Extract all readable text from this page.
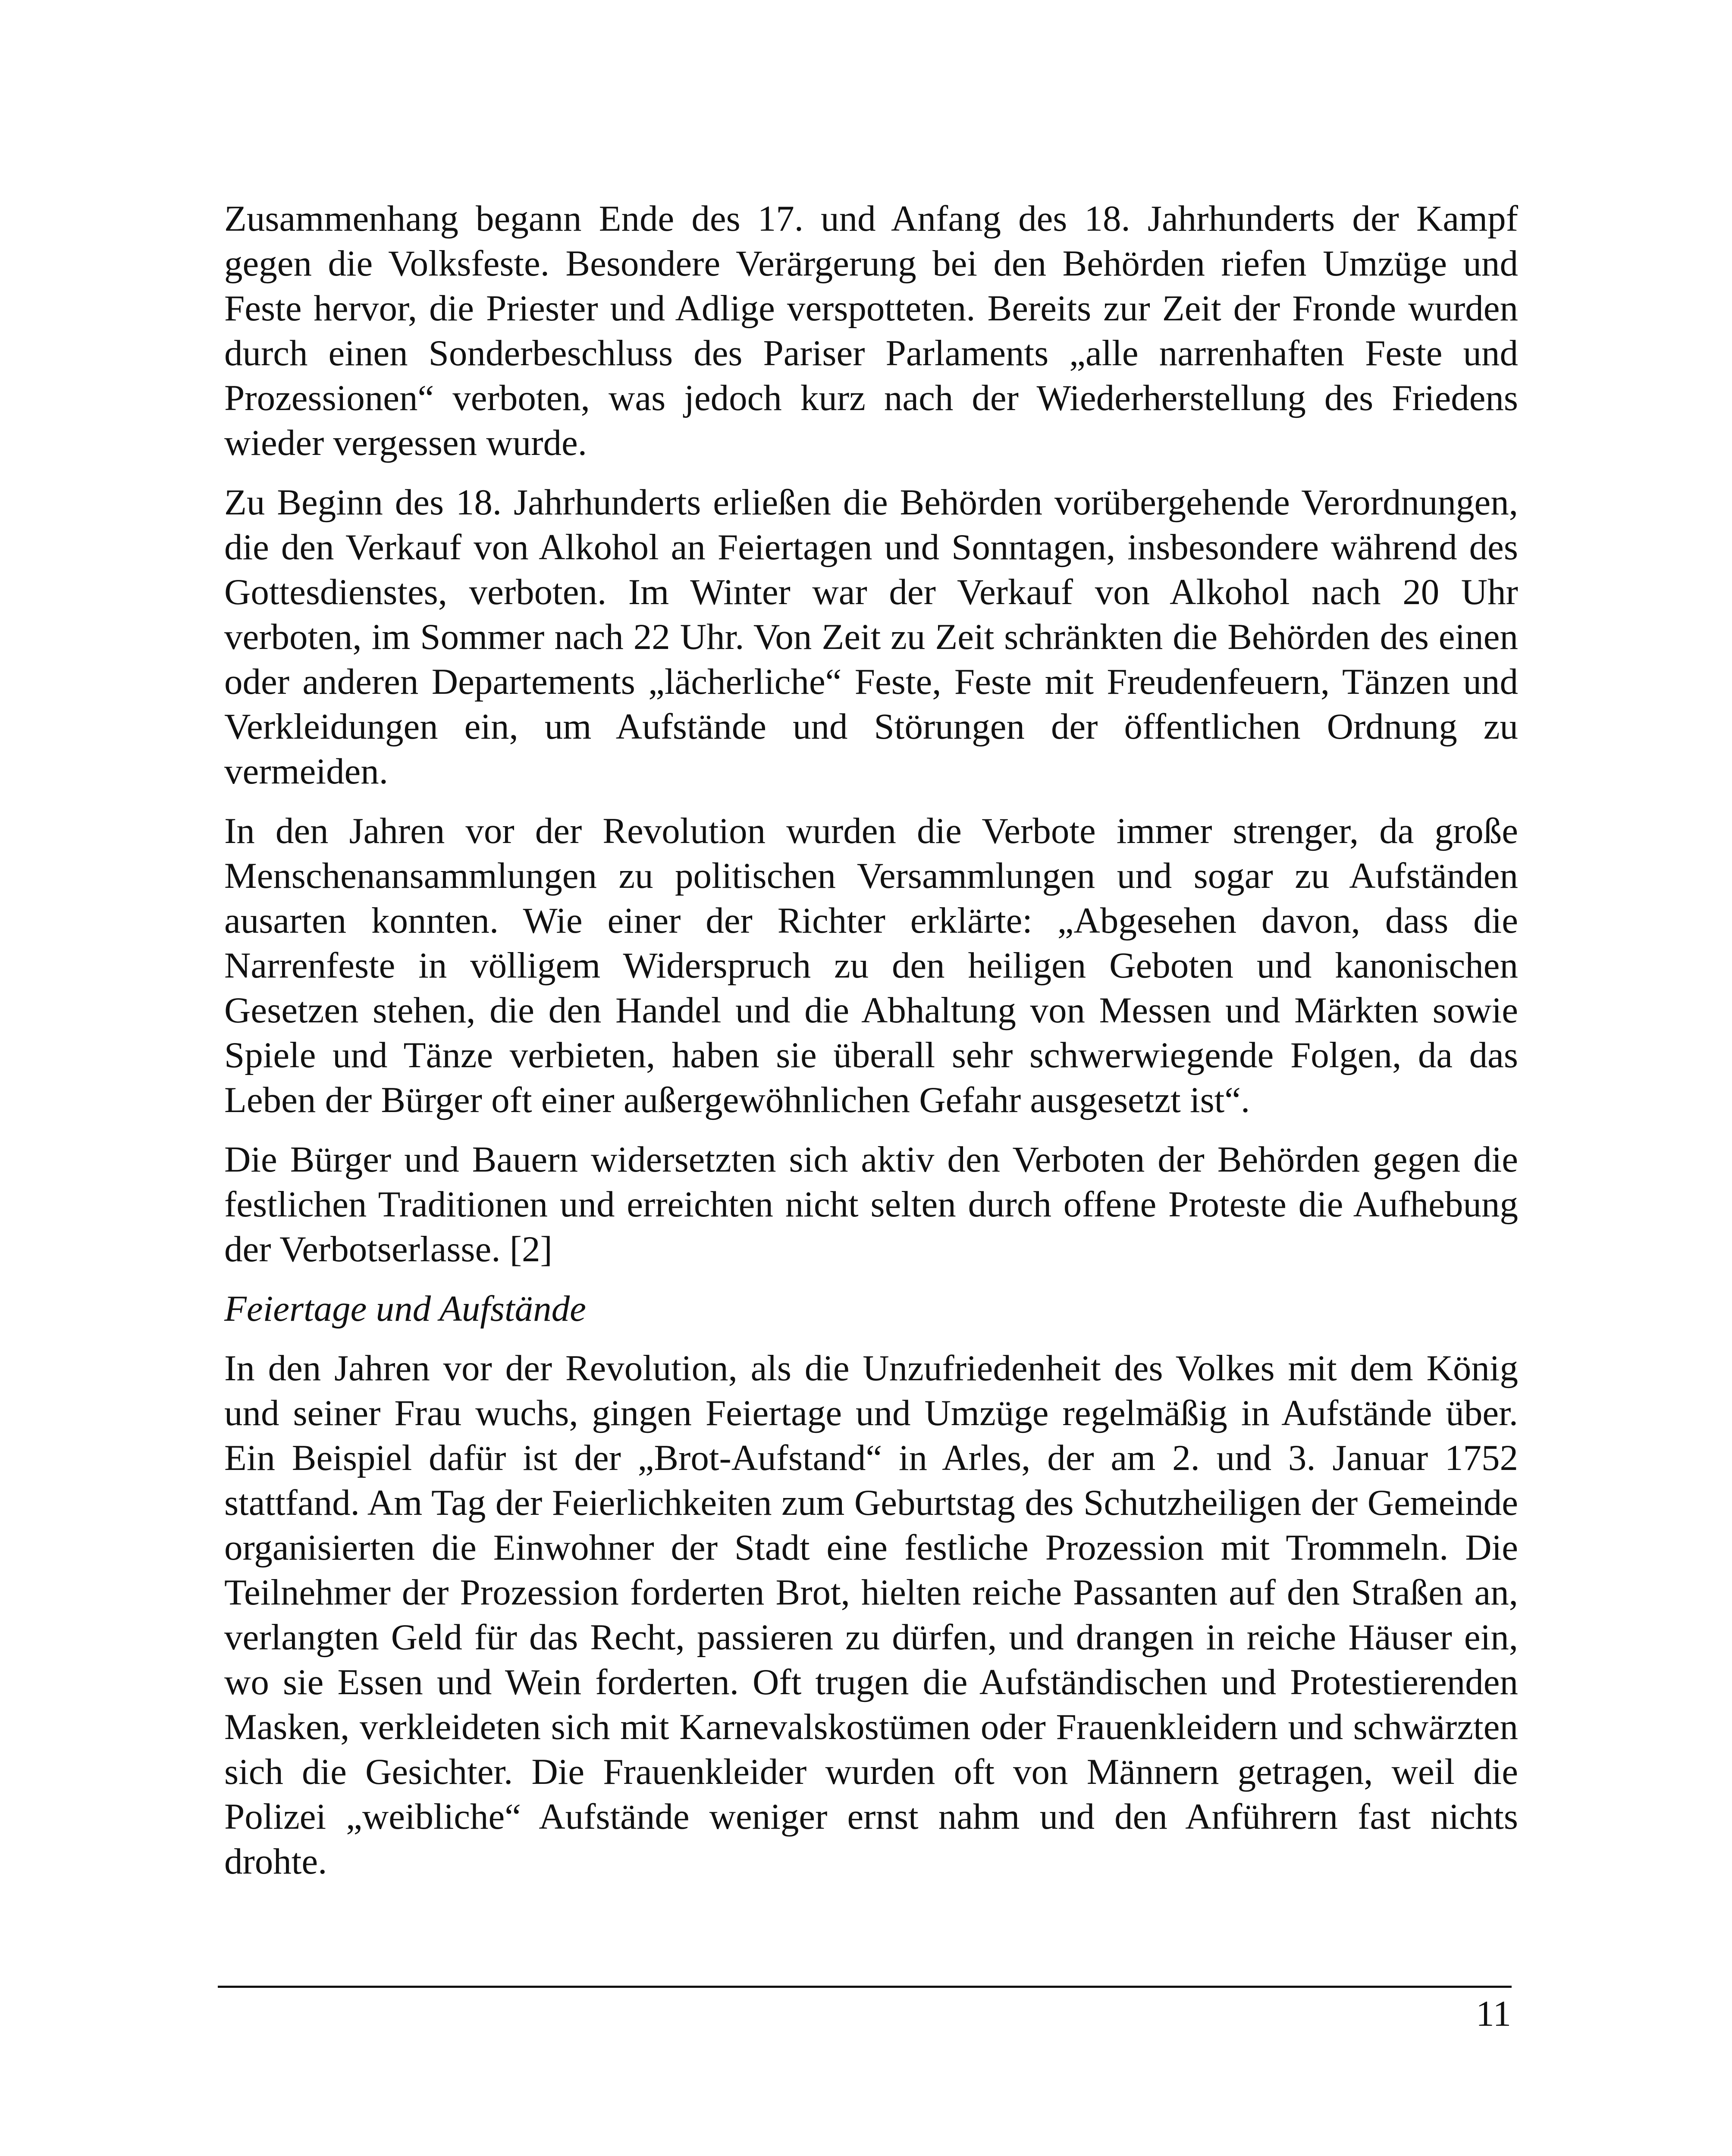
Zusammenhang begann Ende des 17. und Anfang des 18. Jahrhunderts der Kampf gegen die Volksfeste. Besondere Verärgerung bei den Behörden riefen Umzüge und Feste hervor, die Priester und Adlige verspotteten. Bereits zur Zeit der Fronde wurden durch einen Sonderbeschluss des Pariser Parlaments „alle narrenhaften Feste und Prozessionen“ verboten, was jedoch kurz nach der Wiederherstellung des Friedens wieder vergessen wurde.

Zu Beginn des 18. Jahrhunderts erließen die Behörden vorübergehende Verordnungen, die den Verkauf von Alkohol an Feiertagen und Sonntagen, insbesondere während des Gottesdienstes, verboten. Im Winter war der Verkauf von Alkohol nach 20 Uhr verboten, im Sommer nach 22 Uhr. Von Zeit zu Zeit schränkten die Behörden des einen oder anderen Departements „lächerliche“ Feste, Feste mit Freudenfeuern, Tänzen und Verkleidungen ein, um Aufstände und Störungen der öffentlichen Ordnung zu vermeiden.

In den Jahren vor der Revolution wurden die Verbote immer strenger, da große Menschenansammlungen zu politischen Versammlungen und sogar zu Aufständen ausarten konnten. Wie einer der Richter erklärte: „Abgesehen davon, dass die Narrenfeste in völligem Widerspruch zu den heiligen Geboten und kanonischen Gesetzen stehen, die den Handel und die Abhaltung von Messen und Märkten sowie Spiele und Tänze verbieten, haben sie überall sehr schwerwiegende Folgen, da das Leben der Bürger oft einer außergewöhnlichen Gefahr ausgesetzt ist“.

Die Bürger und Bauern widersetzten sich aktiv den Verboten der Behörden gegen die festlichen Traditionen und erreichten nicht selten durch offene Proteste die Aufhebung der Verbotserlasse. [2]

Feiertage und Aufstände

In den Jahren vor der Revolution, als die Unzufriedenheit des Volkes mit dem König und seiner Frau wuchs, gingen Feiertage und Umzüge regelmäßig in Aufstände über. Ein Beispiel dafür ist der „Brot-Aufstand“ in Arles, der am 2. und 3. Januar 1752 stattfand. Am Tag der Feierlichkeiten zum Geburtstag des Schutzheiligen der Gemeinde organisierten die Einwohner der Stadt eine festliche Prozession mit Trommeln. Die Teilnehmer der Prozession forderten Brot, hielten reiche Passanten auf den Straßen an, verlangten Geld für das Recht, passieren zu dürfen, und drangen in reiche Häuser ein, wo sie Essen und Wein forderten. Oft trugen die Aufständischen und Protestierenden Masken, verkleideten sich mit Karnevalskostümen oder Frauenkleidern und schwärzten sich die Gesichter. Die Frauenkleider wurden oft von Männern getragen, weil die Polizei „weibliche“ Aufstände weniger ernst nahm und den Anführern fast nichts drohte.

11
